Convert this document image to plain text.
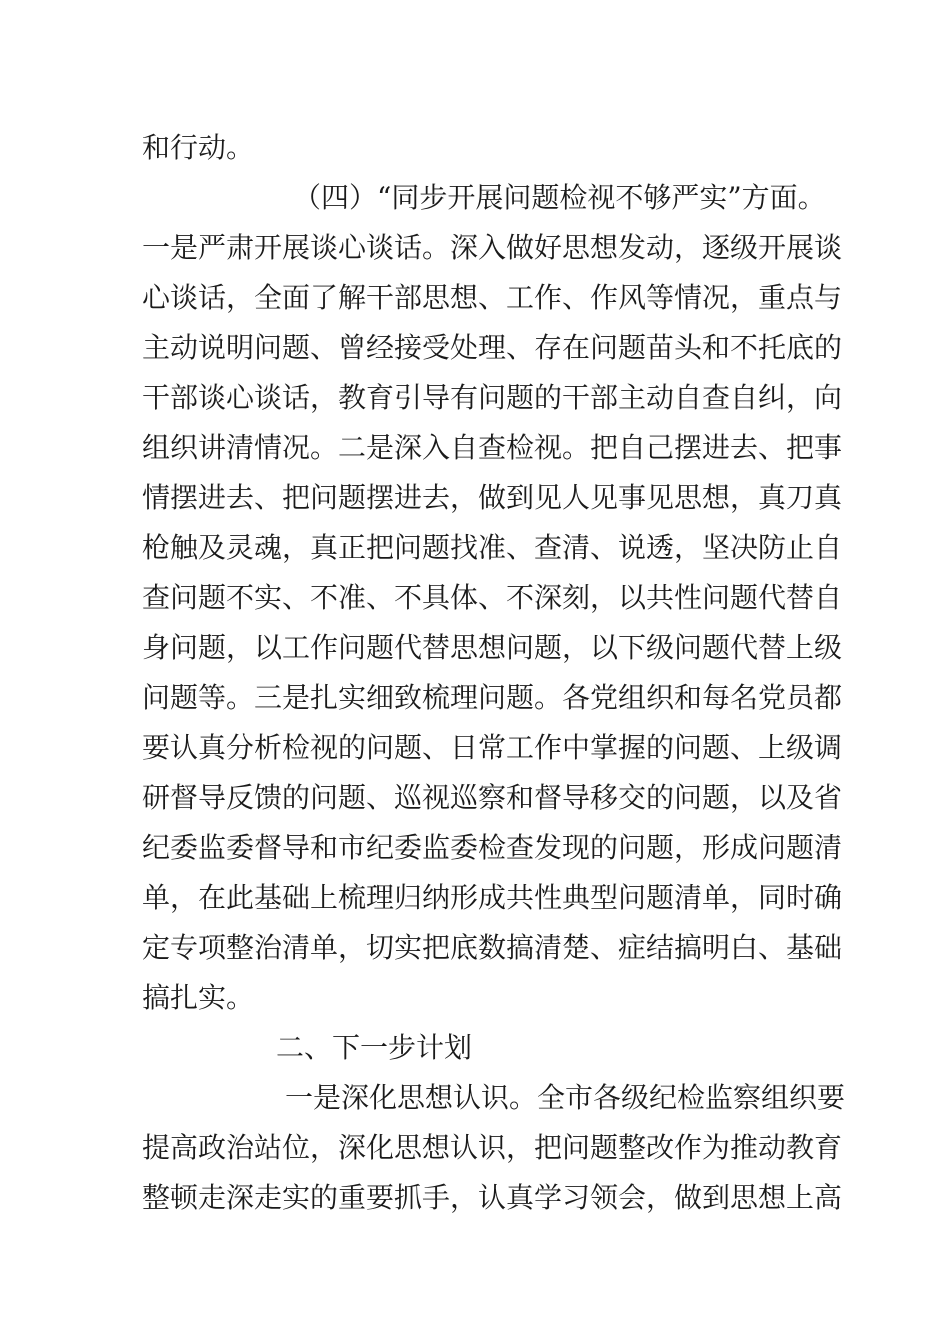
和行动。
（四）“同步开展问题检视不够严实”方面。
一是严肃开展谈心谈话。深入做好思想发动，逐级开展谈
心谈话，全面了解干部思想、工作、作风等情况，重点与
主动说明问题、曾经接受处理、存在问题苗头和不托底的
干部谈心谈话，教育引导有问题的干部主动自查自纠，向
组织讲清情况。二是深入自查检视。把自己摆进去、把事
情摆进去、把问题摆进去，做到见人见事见思想，真刀真
枪触及灵魂，真正把问题找准、查清、说透，坚决防止自
查问题不实、不准、不具体、不深刻，以共性问题代替自
身问题，以工作问题代替思想问题，以下级问题代替上级
问题等。三是扎实细致梳理问题。各党组织和每名党员都
要认真分析检视的问题、日常工作中掌握的问题、上级调
研督导反馈的问题、巡视巡察和督导移交的问题，以及省
纪委监委督导和市纪委监委检查发现的问题，形成问题清
单，在此基础上梳理归纳形成共性典型问题清单，同时确
定专项整治清单，切实把底数搞清楚、症结搞明白、基础
搞扎实。
二、下一步计划
一是深化思想认识。全市各级纪检监察组织要
提高政治站位，深化思想认识，把问题整改作为推动教育
整顿走深走实的重要抓手，认真学习领会，做到思想上高
